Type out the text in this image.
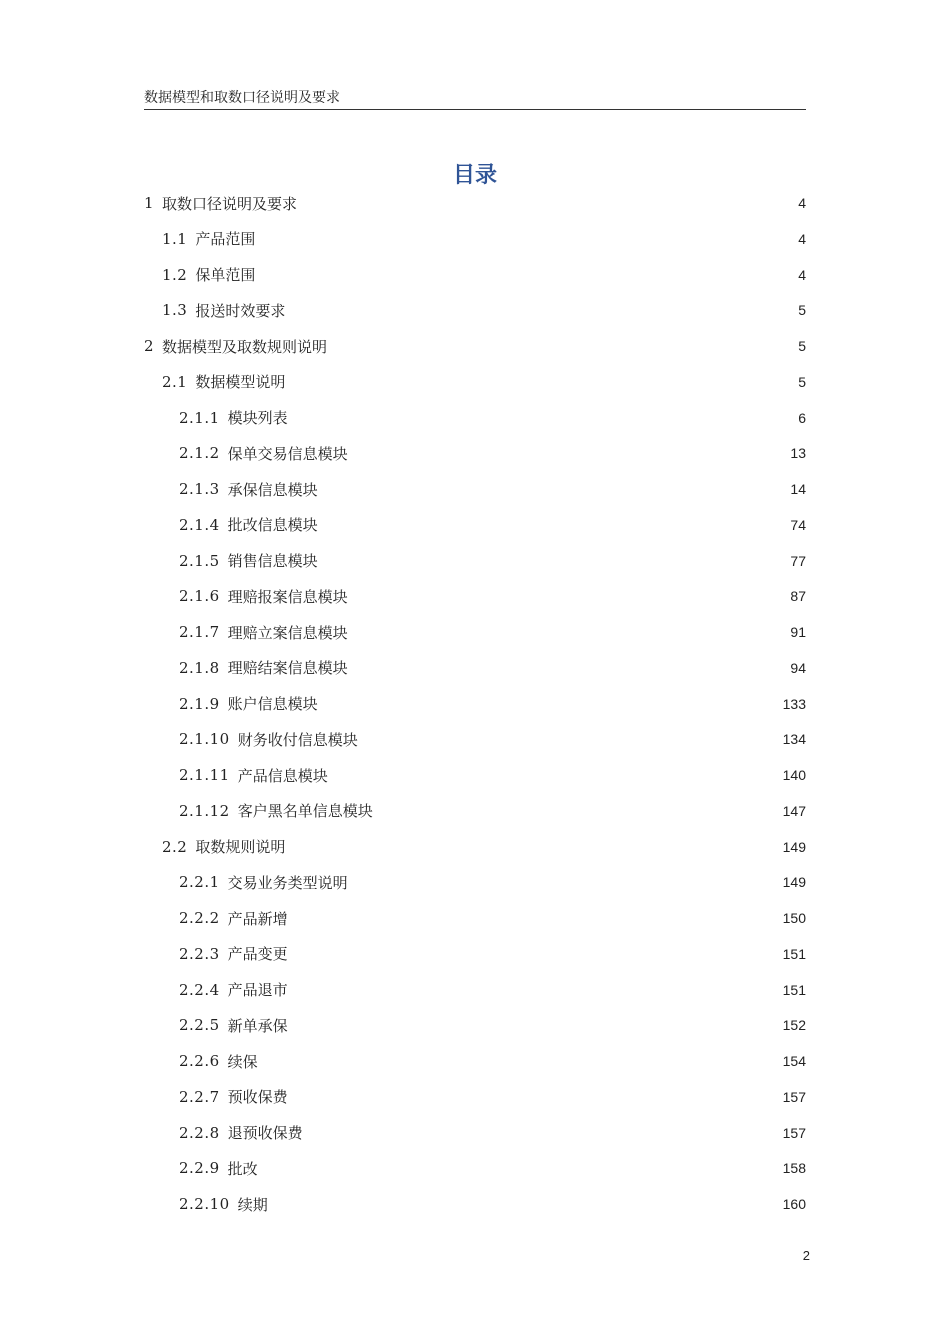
数据模型和取数口径说明及要求
目录
1 取数口径说明及要求	4
1.1 产品范围	4
1.2 保单范围	4
1.3 报送时效要求	5
2 数据模型及取数规则说明	5
2.1 数据模型说明	5
2.1.1 模块列表	6
2.1.2 保单交易信息模块	13
2.1.3 承保信息模块	14
2.1.4 批改信息模块	74
2.1.5 销售信息模块	77
2.1.6 理赔报案信息模块	87
2.1.7 理赔立案信息模块	91
2.1.8 理赔结案信息模块	94
2.1.9 账户信息模块	133
2.1.10 财务收付信息模块	134
2.1.11 产品信息模块	140
2.1.12 客户黑名单信息模块	147
2.2 取数规则说明	149
2.2.1 交易业务类型说明	149
2.2.2 产品新增	150
2.2.3 产品变更	151
2.2.4 产品退市	151
2.2.5 新单承保	152
2.2.6 续保	154
2.2.7 预收保费	157
2.2.8 退预收保费	157
2.2.9 批改	158
2.2.10 续期	160
2
